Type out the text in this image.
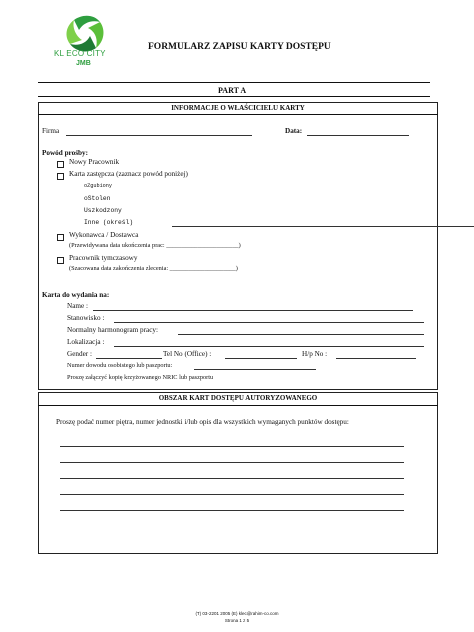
KL ECO CITY
JMB
FORMULARZ ZAPISU KARTY DOSTĘPU
PART A
INFORMACJE O WŁAŚCICIELU KARTY
Firma	Data:
Powód prośby:
Nowy Pracownik
Karta zastępcza (zaznacz powód poniżej)
oZgubiony
oStolen
Uszkodzony
Inne (określ)
Wykonawca / Dostawca
(Przewidywana data ukończenia prac: _______________________)
Pracownik tymczasowy
(Szacowana data zakończenia zlecenia: _____________________)
Karta do wydania na:
Name :
Stanowisko :
Normalny harmonogram pracy:
Lokalizacja :
Gender :	Tel No (Office) :	H/p No :
Numer dowodu osobistego lub paszportu:
Proszę załączyć kopię krzyżowanego NRIC lub paszportu
OBSZAR KART DOSTĘPU AUTORYZOWANEGO
Proszę podać numer piętra, numer jednostki i/lub opis dla wszystkich wymaganych punktów dostępu:
(T) 03-2201 2005 (E) klec@rahim-co.com
Strona 1 z 5
